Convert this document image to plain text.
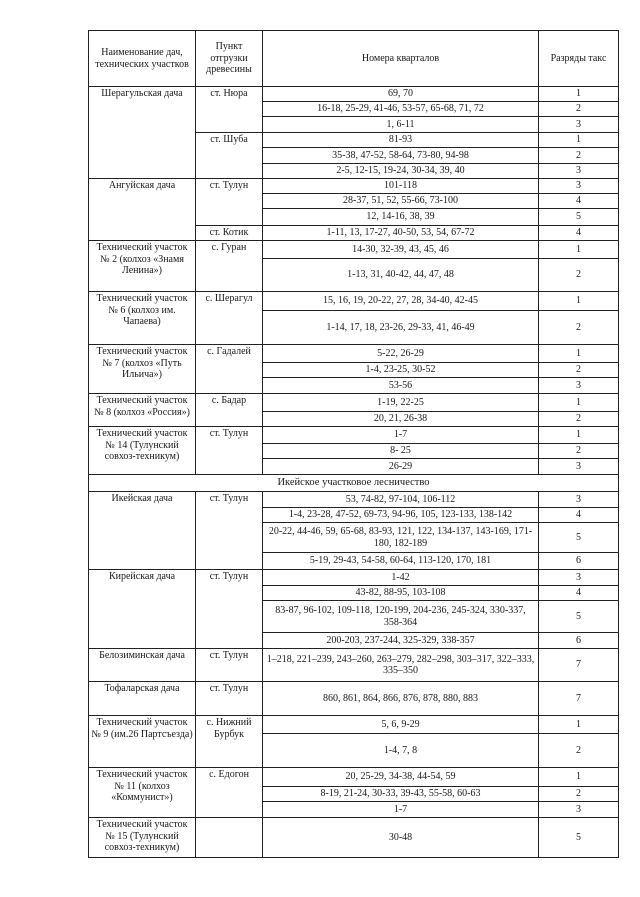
Наименование дач, технических участков	Пункт отгрузки древесины	Номера кварталов	Разряды такс
Шерагульская дача	ст. Нюра	69, 70	1
		16-18, 25-29, 41-46, 53-57, 65-68, 71, 72	2
		1, 6-11	3
	ст. Шуба	81-93	1
		35-38, 47-52, 58-64, 73-80, 94-98	2
		2-5, 12-15, 19-24, 30-34, 39, 40	3
Ангуйская дача	ст. Тулун	101-118	3
		28-37, 51, 52, 55-66, 73-100	4
		12, 14-16, 38, 39	5
	ст. Котик	1-11, 13, 17-27, 40-50, 53, 54, 67-72	4
Технический участок № 2 (колхоз «Знамя Ленина»)	с. Гуран	14-30, 32-39, 43, 45, 46	1
		1-13, 31, 40-42, 44, 47, 48	2
Технический участок № 6 (колхоз им. Чапаева)	с. Шерагул	15, 16, 19, 20-22, 27, 28, 34-40, 42-45	1
		1-14, 17, 18, 23-26, 29-33, 41, 46-49	2
Технический участок № 7 (колхоз «Путь Ильича»)	с. Гадалей	5-22, 26-29	1
		1-4, 23-25, 30-52	2
		53-56	3
Технический участок № 8 (колхоз «Россия»)	с. Бадар	1-19, 22-25	1
		20, 21, 26-38	2
Технический участок № 14 (Тулунский совхоз-техникум)	ст. Тулун	1-7	1
		8- 25	2
		26-29	3
Икейское участковое лесничество			
Икейская дача	ст. Тулун	53, 74-82, 97-104, 106-112	3
		1-4, 23-28, 47-52, 69-73, 94-96, 105, 123-133, 138-142	4
		20-22, 44-46, 59, 65-68, 83-93, 121, 122, 134-137, 143-169, 171-180, 182-189	5
		5-19, 29-43, 54-58, 60-64, 113-120, 170, 181	6
Кирейская дача	ст. Тулун	1-42	3
		43-82, 88-95, 103-108	4
		83-87, 96-102, 109-118, 120-199, 204-236, 245-324, 330-337, 358-364	5
		200-203, 237-244, 325-329, 338-357	6
Белозиминская дача	ст. Тулун	1–218, 221–239, 243–260, 263–279, 282–298, 303–317, 322–333, 335–350	7
Тофаларская дача	ст. Тулун	860, 861, 864, 866, 876, 878, 880, 883	7
Технический участок № 9 (им.26 Партсъезда)	с. Нижний Бурбук	5, 6, 9-29	1
		1-4, 7, 8	2
Технический участок № 11 (колхоз «Коммунист»)	с. Едогон	20, 25-29, 34-38, 44-54, 59	1
		8-19, 21-24, 30-33, 39-43, 55-58, 60-63	2
		1-7	3
Технический участок № 15 (Тулунский совхоз-техникум)		30-48	5
